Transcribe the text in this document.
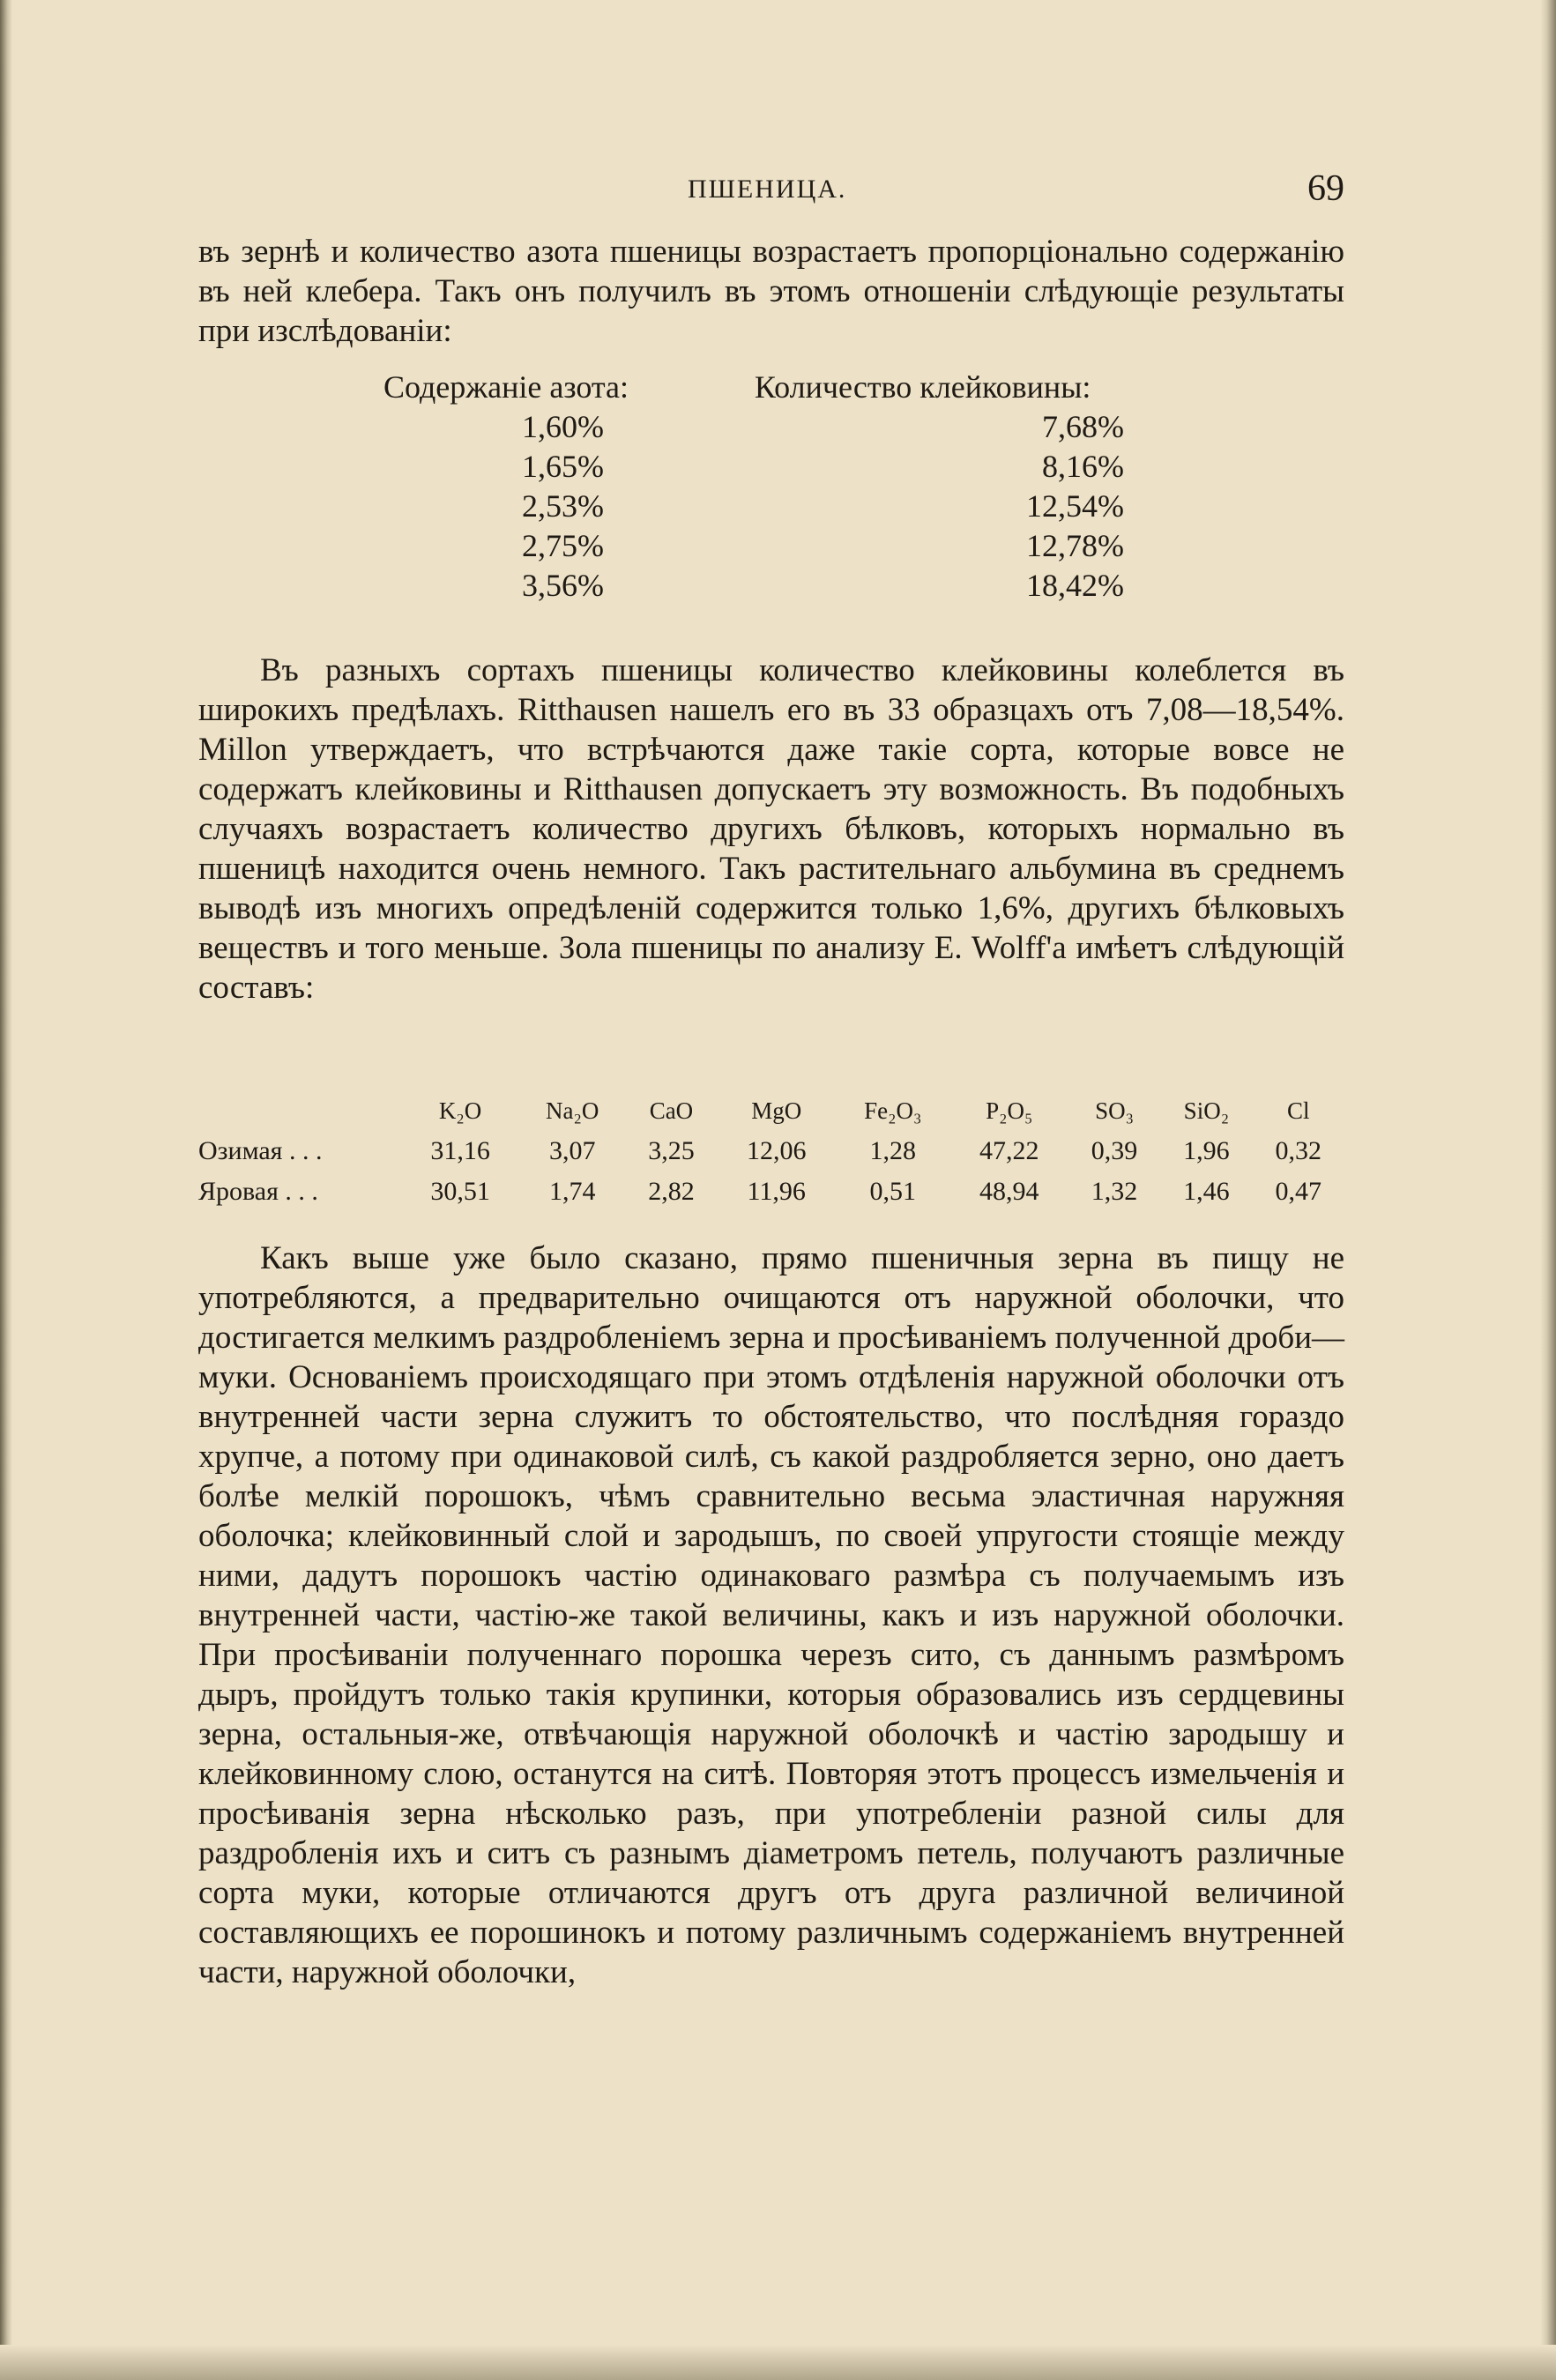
ПШЕНИЦА.	69

въ зернѣ и количество азота пшеницы возрастаетъ пропорціонально содержанію въ ней клебера. Такъ онъ получилъ въ этомъ отношеніи слѣдующіе результаты при изслѣдованіи:

Содержаніе азота:	Количество клейковины:
1,60%	7,68%
1,65%	8,16%
2,53%	12,54%
2,75%	12,78%
3,56%	18,42%

Въ разныхъ сортахъ пшеницы количество клейковины колеблется въ широкихъ предѣлахъ. Ritthausen нашелъ его въ 33 образцахъ отъ 7,08—18,54%. Millon утверждаетъ, что встрѣчаются даже такіе сорта, которые вовсе не содержатъ клейковины и Ritthausen допускаетъ эту возможность. Въ подобныхъ случаяхъ возрастаетъ количество другихъ бѣлковъ, которыхъ нормально въ пшеницѣ находится очень немного. Такъ растительнаго альбумина въ среднемъ выводѣ изъ многихъ опредѣленій содержится только 1,6%, другихъ бѣлковыхъ веществъ и того меньше. Зола пшеницы по анализу E. Wolff'a имѣетъ слѣдующій составъ:

	K₂O	Na₂O	CaO	MgO	Fe₂O₃	P₂O₅	SO₃	SiO₂	Cl
Озимая . . .	31,16	3,07	3,25	12,06	1,28	47,22	0,39	1,96	0,32
Яровая . . .	30,51	1,74	2,82	11,96	0,51	48,94	1,32	1,46	0,47

Какъ выше уже было сказано, прямо пшеничныя зерна въ пищу не употребляются, а предварительно очищаются отъ наружной оболочки, что достигается мелкимъ раздробленіемъ зерна и просѣиваніемъ полученной дроби—муки. Основаніемъ происходящаго при этомъ отдѣленія наружной оболочки отъ внутренней части зерна служитъ то обстоятельство, что послѣдняя гораздо хрупче, а потому при одинаковой силѣ, съ какой раздробляется зерно, оно даетъ болѣе мелкій порошокъ, чѣмъ сравнительно весьма эластичная наружняя оболочка; клейковинный слой и зародышъ, по своей упругости стоящіе между ними, дадутъ порошокъ частію одинаковаго размѣра съ получаемымъ изъ внутренней части, частію-же такой величины, какъ и изъ наружной оболочки. При просѣиваніи полученнаго порошка черезъ сито, съ даннымъ размѣромъ дыръ, пройдутъ только такія крупинки, которыя образовались изъ сердцевины зерна, остальныя-же, отвѣчающія наружной оболочкѣ и частію зародышу и клейковинному слою, останутся на ситѣ. Повторяя этотъ процессъ измельченія и просѣиванія зерна нѣсколько разъ, при употребленіи разной силы для раздробленія ихъ и ситъ съ разнымъ діаметромъ петель, получаютъ различные сорта муки, которые отличаются другъ отъ друга различной величиной составляющихъ ее порошинокъ и потому различнымъ содержаніемъ внутренней части, наружной оболочки,
